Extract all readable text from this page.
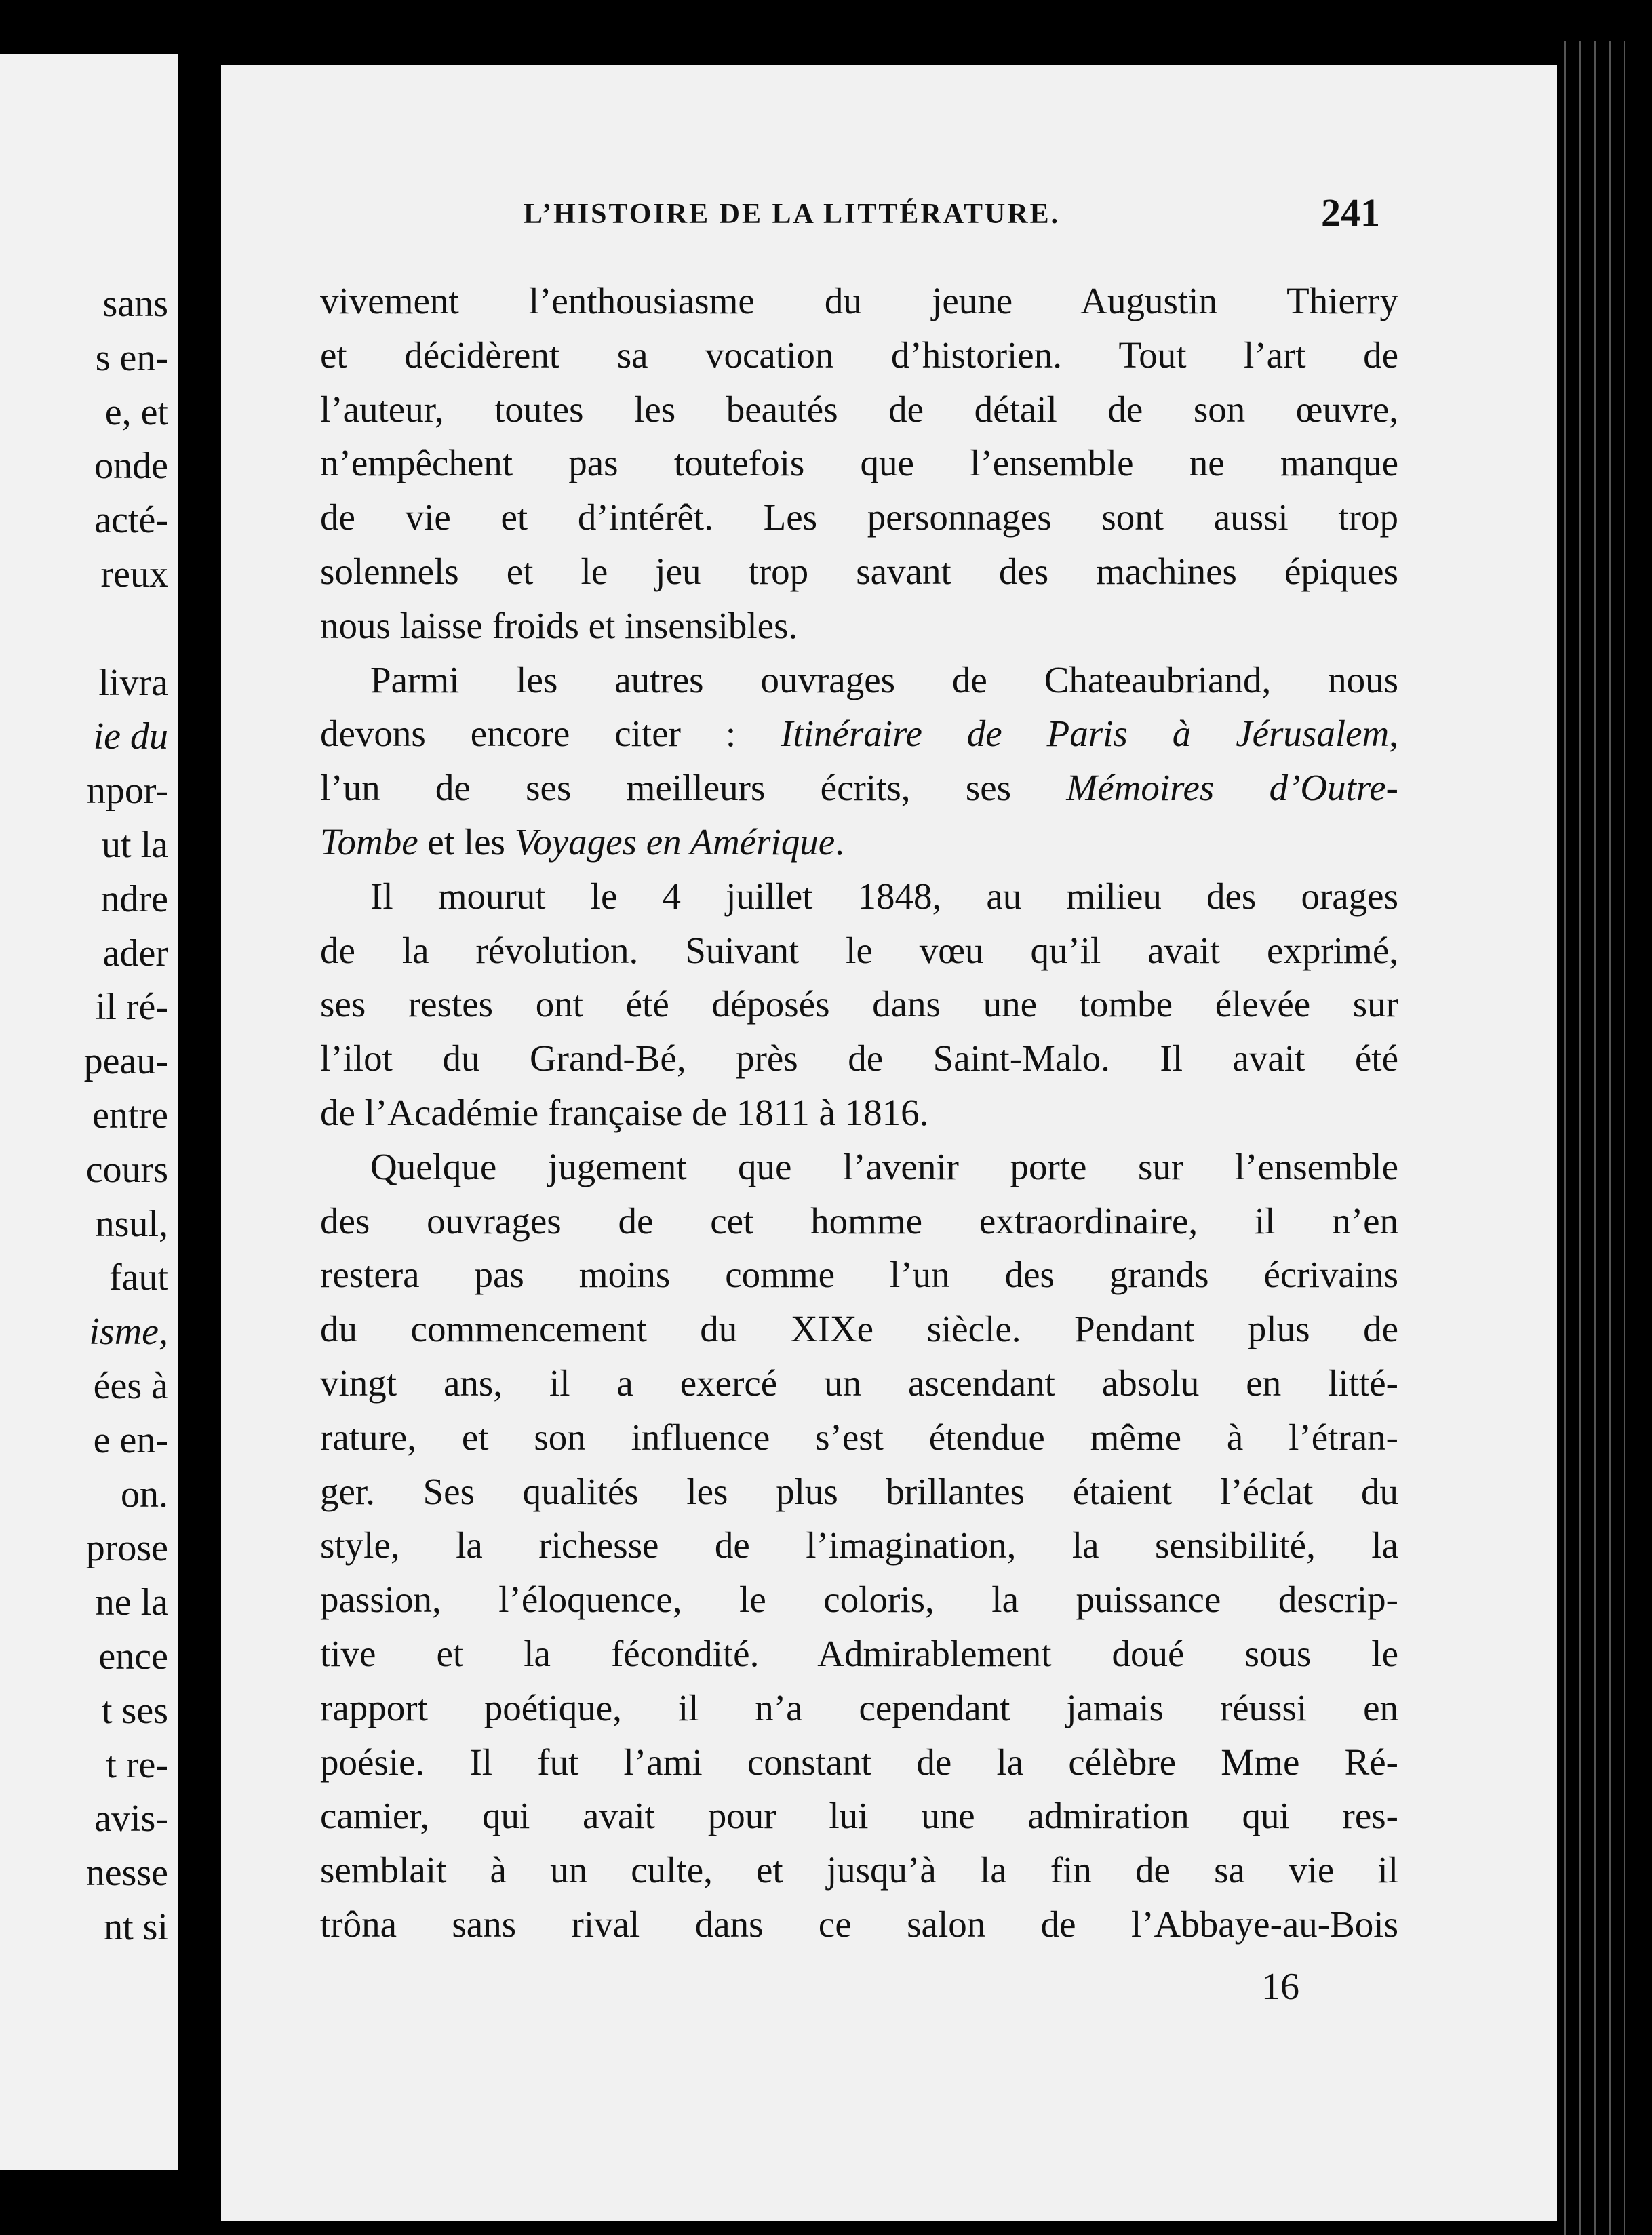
sans
s en-
e, et
onde
acté-
reux
livra
ie du
npor-
ut la
ndre
ader
il ré-
peau-
entre
cours
nsul,
faut
isme,
ées à
e en-
on.
prose
ne la
ence
t ses
t re-
avis-
nesse
nt si
L’HISTOIRE DE LA LITTÉRATURE.	241
vivement l’enthousiasme du jeune Augustin Thierry
et décidèrent sa vocation d’historien. Tout l’art de
l’auteur, toutes les beautés de détail de son œuvre,
n’empêchent pas toutefois que l’ensemble ne manque
de vie et d’intérêt. Les personnages sont aussi trop
solennels et le jeu trop savant des machines épiques
nous laisse froids et insensibles.
Parmi les autres ouvrages de Chateaubriand, nous
devons encore citer : Itinéraire de Paris à Jérusalem,
l’un de ses meilleurs écrits, ses Mémoires d’Outre-
Tombe et les Voyages en Amérique.
Il mourut le 4 juillet 1848, au milieu des orages
de la révolution. Suivant le vœu qu’il avait exprimé,
ses restes ont été déposés dans une tombe élevée sur
l’ilot du Grand-Bé, près de Saint-Malo. Il avait été
de l’Académie française de 1811 à 1816.
Quelque jugement que l’avenir porte sur l’ensemble
des ouvrages de cet homme extraordinaire, il n’en
restera pas moins comme l’un des grands écrivains
du commencement du XIXe siècle. Pendant plus de
vingt ans, il a exercé un ascendant absolu en litté-
rature, et son influence s’est étendue même à l’étran-
ger. Ses qualités les plus brillantes étaient l’éclat du
style, la richesse de l’imagination, la sensibilité, la
passion, l’éloquence, le coloris, la puissance descrip-
tive et la fécondité. Admirablement doué sous le
rapport poétique, il n’a cependant jamais réussi en
poésie. Il fut l’ami constant de la célèbre Mme Ré-
camier, qui avait pour lui une admiration qui res-
semblait à un culte, et jusqu’à la fin de sa vie il
trôna sans rival dans ce salon de l’Abbaye-au-Bois
16
